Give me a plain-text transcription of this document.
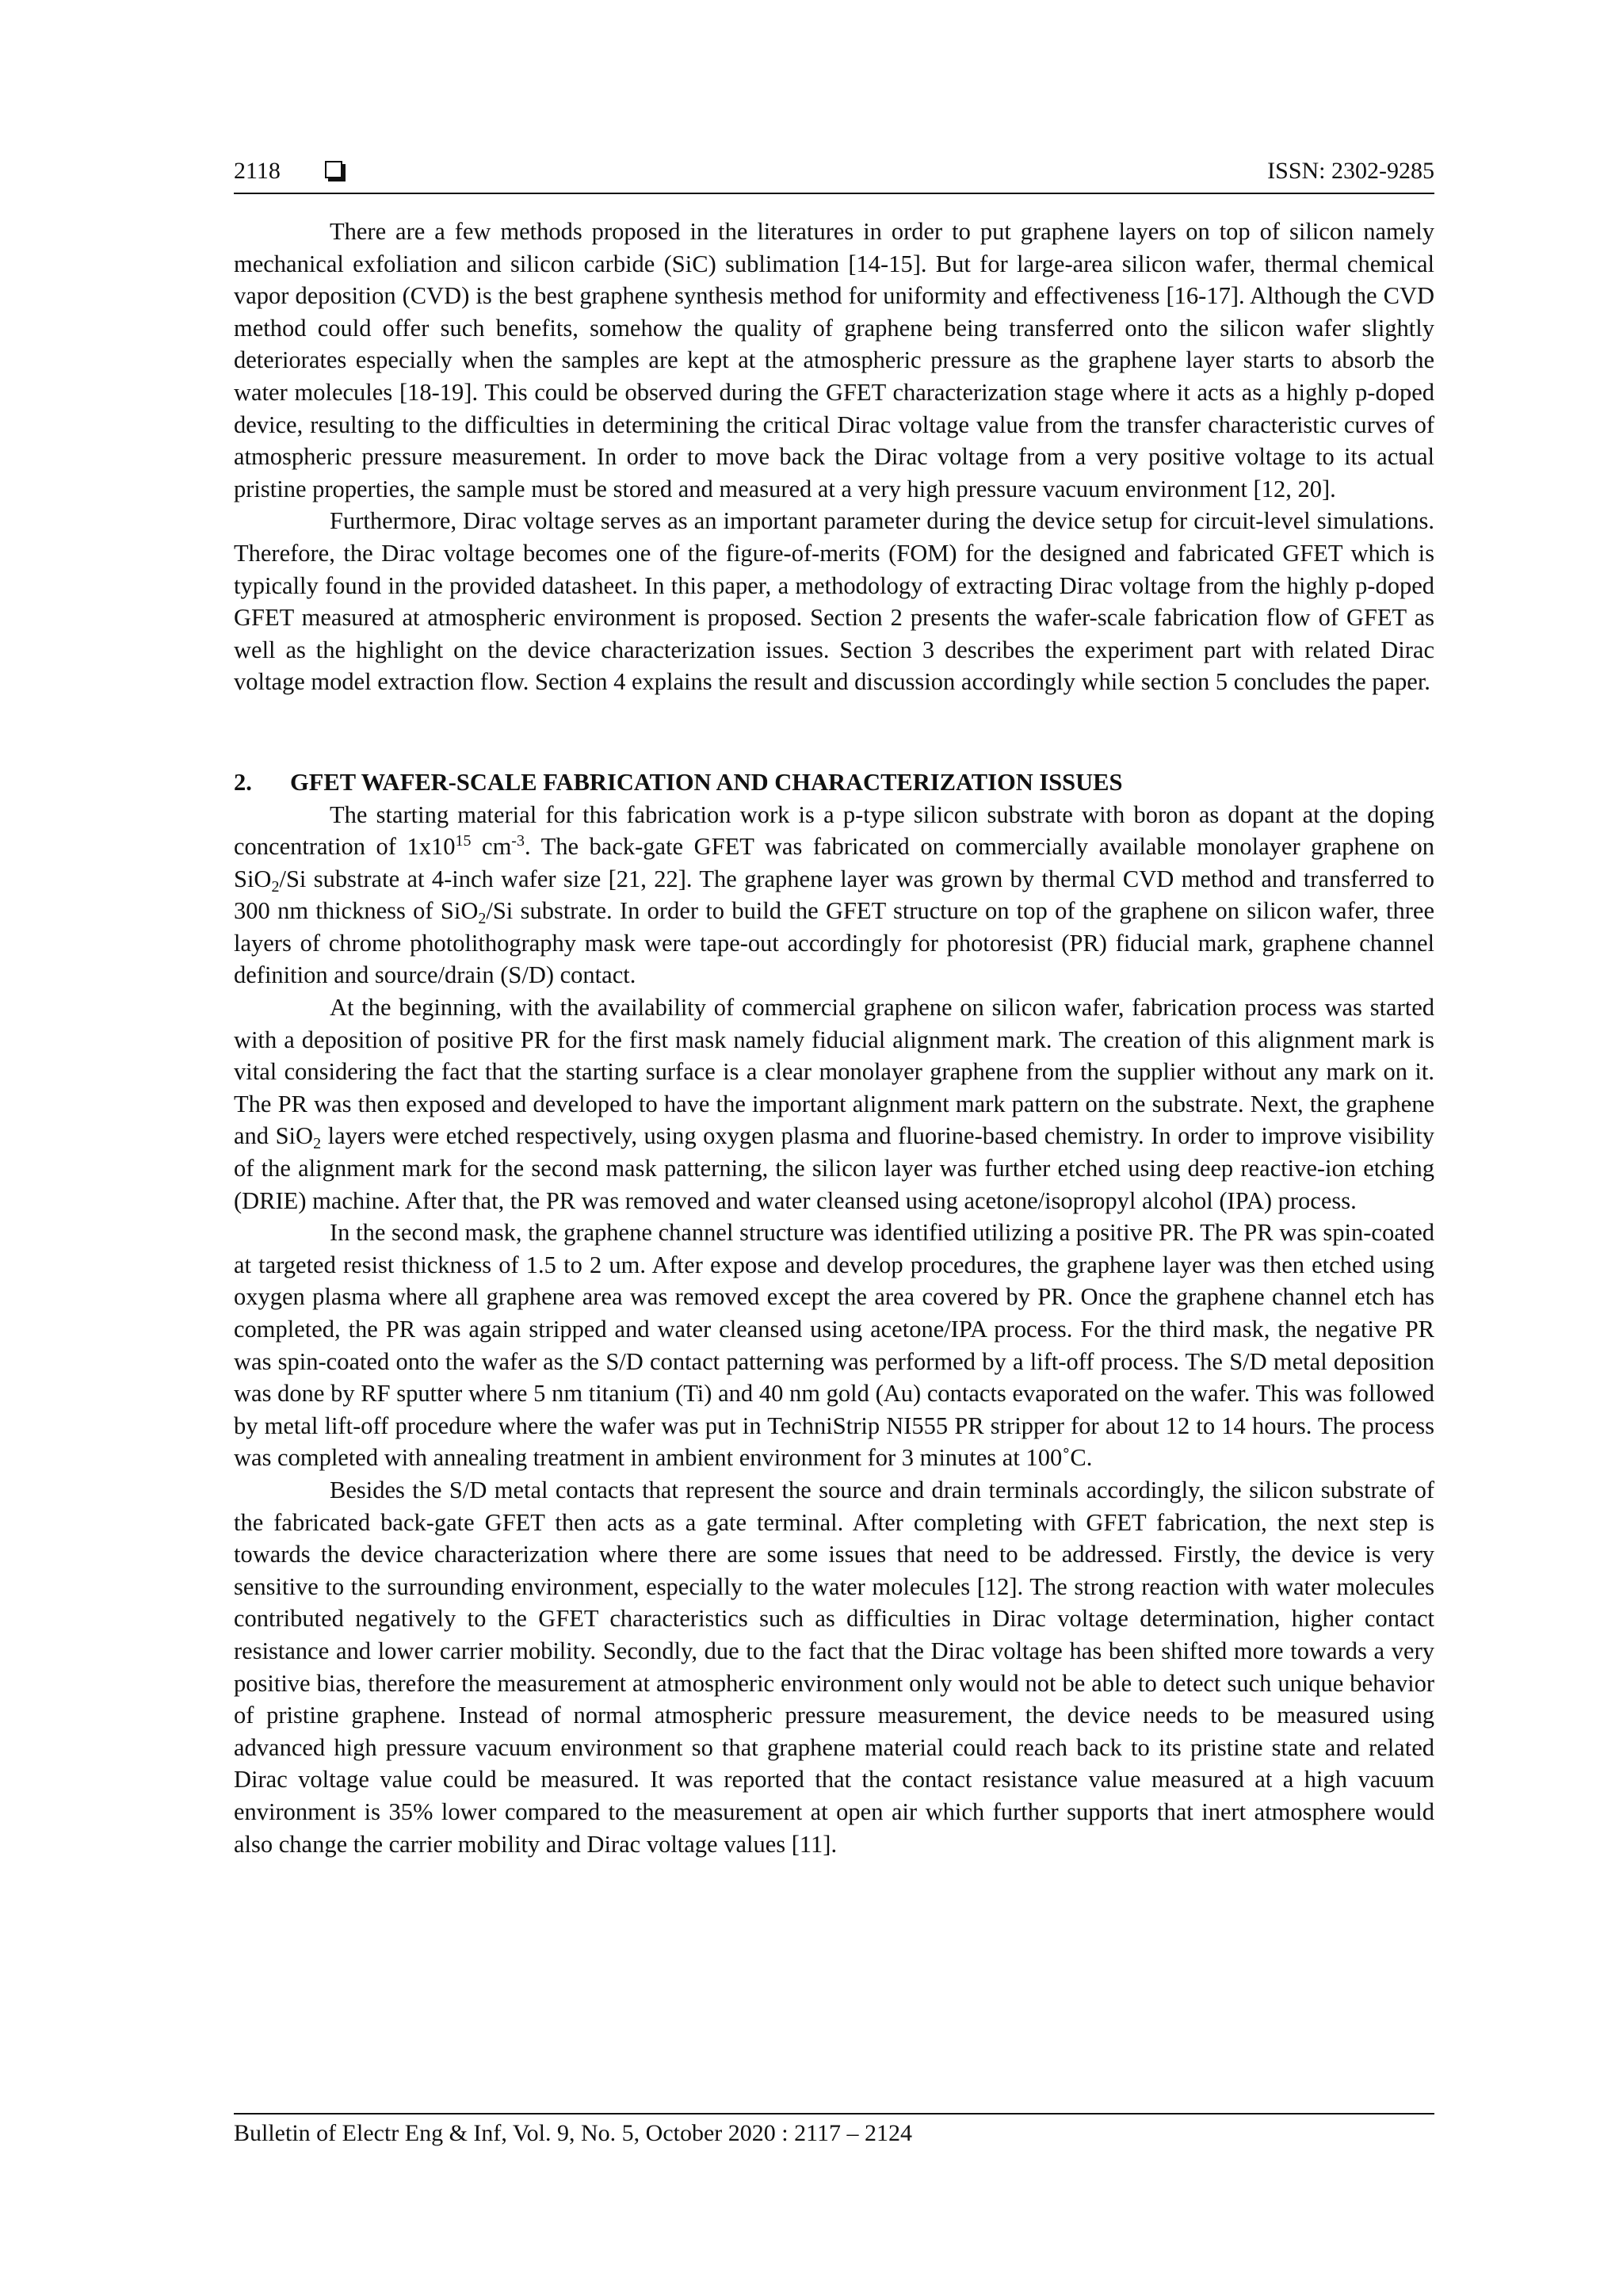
2118	ISSN: 2302-9285

There are a few methods proposed in the literatures in order to put graphene layers on top of silicon namely mechanical exfoliation and silicon carbide (SiC) sublimation [14-15]. But for large-area silicon wafer, thermal chemical vapor deposition (CVD) is the best graphene synthesis method for uniformity and effectiveness [16-17]. Although the CVD method could offer such benefits, somehow the quality of graphene being transferred onto the silicon wafer slightly deteriorates especially when the samples are kept at the atmospheric pressure as the graphene layer starts to absorb the water molecules [18-19]. This could be observed during the GFET characterization stage where it acts as a highly p-doped device, resulting to the difficulties in determining the critical Dirac voltage value from the transfer characteristic curves of atmospheric pressure measurement. In order to move back the Dirac voltage from a very positive voltage to its actual pristine properties, the sample must be stored and measured at a very high pressure vacuum environment [12, 20].

Furthermore, Dirac voltage serves as an important parameter during the device setup for circuit-level simulations. Therefore, the Dirac voltage becomes one of the figure-of-merits (FOM) for the designed and fabricated GFET which is typically found in the provided datasheet. In this paper, a methodology of extracting Dirac voltage from the highly p-doped GFET measured at atmospheric environment is proposed. Section 2 presents the wafer-scale fabrication flow of GFET as well as the highlight on the device characterization issues. Section 3 describes the experiment part with related Dirac voltage model extraction flow. Section 4 explains the result and discussion accordingly while section 5 concludes the paper.

2. GFET WAFER-SCALE FABRICATION AND CHARACTERIZATION ISSUES

The starting material for this fabrication work is a p-type silicon substrate with boron as dopant at the doping concentration of $1x10^{15}$ $cm^{-3}$. The back-gate GFET was fabricated on commercially available monolayer graphene on SiO$_2$/Si substrate at 4-inch wafer size [21, 22]. The graphene layer was grown by thermal CVD method and transferred to 300 nm thickness of SiO$_2$/Si substrate. In order to build the GFET structure on top of the graphene on silicon wafer, three layers of chrome photolithography mask were tape-out accordingly for photoresist (PR) fiducial mark, graphene channel definition and source/drain (S/D) contact.

At the beginning, with the availability of commercial graphene on silicon wafer, fabrication process was started with a deposition of positive PR for the first mask namely fiducial alignment mark. The creation of this alignment mark is vital considering the fact that the starting surface is a clear monolayer graphene from the supplier without any mark on it. The PR was then exposed and developed to have the important alignment mark pattern on the substrate. Next, the graphene and SiO$_2$ layers were etched respectively, using oxygen plasma and fluorine-based chemistry. In order to improve visibility of the alignment mark for the second mask patterning, the silicon layer was further etched using deep reactive-ion etching (DRIE) machine. After that, the PR was removed and water cleansed using acetone/isopropyl alcohol (IPA) process.

In the second mask, the graphene channel structure was identified utilizing a positive PR. The PR was spin-coated at targeted resist thickness of 1.5 to 2 um. After expose and develop procedures, the graphene layer was then etched using oxygen plasma where all graphene area was removed except the area covered by PR. Once the graphene channel etch has completed, the PR was again stripped and water cleansed using acetone/IPA process. For the third mask, the negative PR was spin-coated onto the wafer as the S/D contact patterning was performed by a lift-off process. The S/D metal deposition was done by RF sputter where 5 nm titanium (Ti) and 40 nm gold (Au) contacts evaporated on the wafer. This was followed by metal lift-off procedure where the wafer was put in TechniStrip NI555 PR stripper for about 12 to 14 hours. The process was completed with annealing treatment in ambient environment for 3 minutes at 100˚C.

Besides the S/D metal contacts that represent the source and drain terminals accordingly, the silicon substrate of the fabricated back-gate GFET then acts as a gate terminal. After completing with GFET fabrication, the next step is towards the device characterization where there are some issues that need to be addressed. Firstly, the device is very sensitive to the surrounding environment, especially to the water molecules [12]. The strong reaction with water molecules contributed negatively to the GFET characteristics such as difficulties in Dirac voltage determination, higher contact resistance and lower carrier mobility. Secondly, due to the fact that the Dirac voltage has been shifted more towards a very positive bias, therefore the measurement at atmospheric environment only would not be able to detect such unique behavior of pristine graphene. Instead of normal atmospheric pressure measurement, the device needs to be measured using advanced high pressure vacuum environment so that graphene material could reach back to its pristine state and related Dirac voltage value could be measured. It was reported that the contact resistance value measured at a high vacuum environment is 35% lower compared to the measurement at open air which further supports that inert atmosphere would also change the carrier mobility and Dirac voltage values [11].

Bulletin of Electr Eng & Inf, Vol. 9, No. 5, October 2020 : 2117 – 2124
